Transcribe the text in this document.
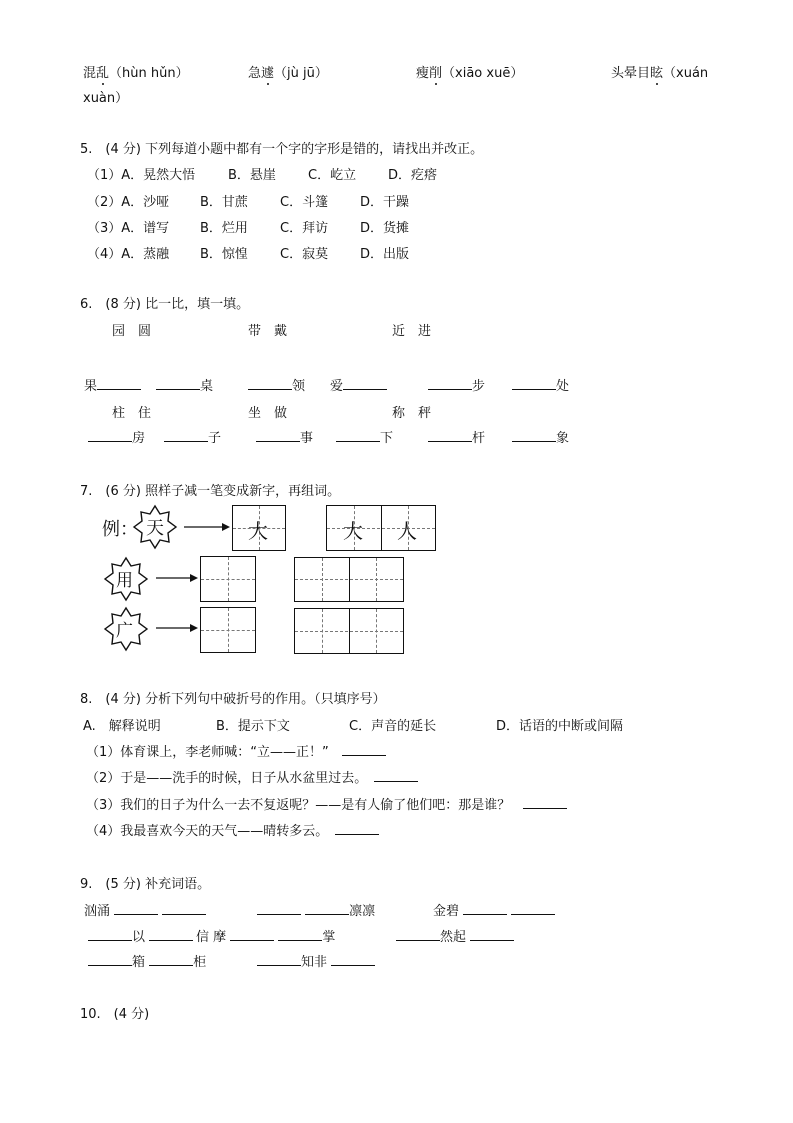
混乱（hùn hǔn）	急遽（jù jū）	瘦削（xiāo xuē）	头晕目眩（xuán
xuàn）
5.　(4 分) 下列每道小题中都有一个字的字形是错的，请找出并改正。
（1）A．晃然大悟	B．悬崖 C．屹立 D．疙瘩
（2）A．沙哑 B．甘蔗 C．斗篷 D．干躁
（3）A．谱写 B．烂用 C．拜访 D．货摊
（4）A．蒸融 B．惊惶 C．寂莫 D．出版
6.　(8 分) 比一比，填一填。
园　圆	带　戴	近　进
果	桌	领 爱	步	处
柱　住	坐　做	称　秤
房	子	事	下	杆	象
7.　(6 分) 照样子减一笔变成新字，再组词。
例： 天	大	大 人
用
广
8.　(4 分) 分析下列句中破折号的作用。（只填序号）
A.　解释说明	B．提示下文	C．声音的延长	D．话语的中断或间隔
（1）体育课上，李老师喊：“立——正！”　
（2）于是——洗手的时候，日子从水盆里过去。　
（3）我们的日子为什么一去不复返呢？——是有人偷了他们吧：那是谁？　
（4）我最喜欢今天的天气——晴转多云。　
9.　(5 分) 补充词语。
汹涌	凛凛	金碧
以	信 摩	掌	然起
箱	柜	知非
10.　(4 分)
